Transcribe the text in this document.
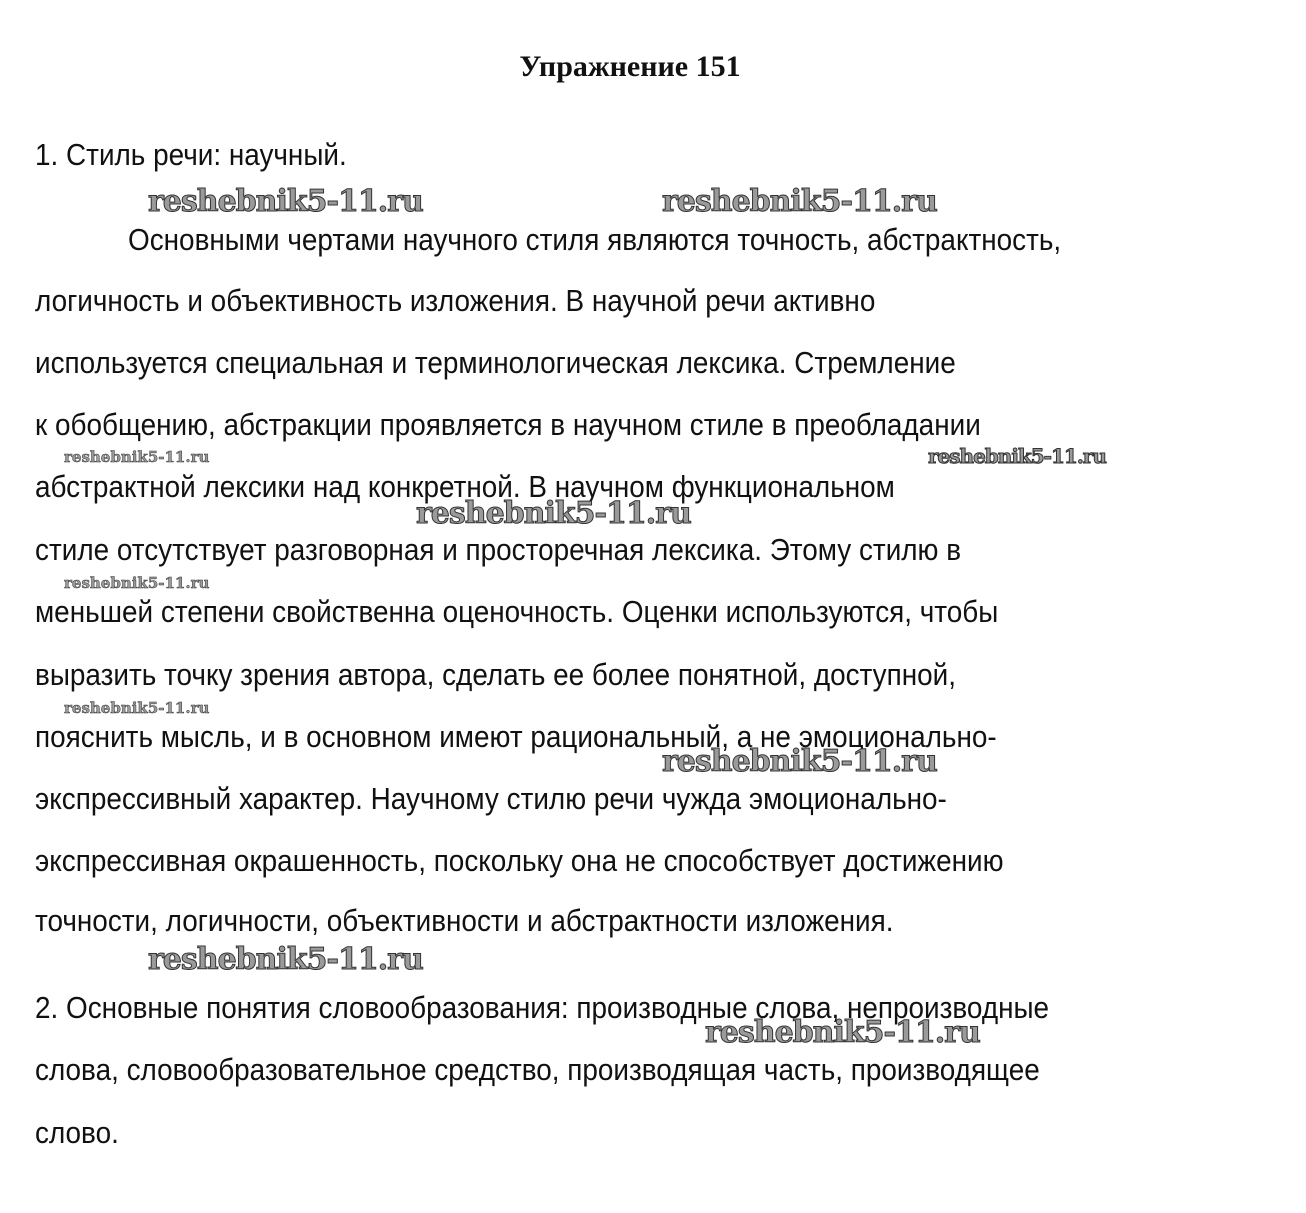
Упражнение 151
1. Стиль речи: научный.
Основными чертами научного стиля являются точность, абстрактность,
логичность и объективность изложения. В научной речи активно
используется специальная и терминологическая лексика. Стремление
к обобщению, абстракции проявляется в научном стиле в преобладании
абстрактной лексики над конкретной. В научном функциональном
стиле отсутствует разговорная и просторечная лексика. Этому стилю в
меньшей степени свойственна оценочность. Оценки используются, чтобы
выразить точку зрения автора, сделать ее более понятной, доступной,
пояснить мысль, и в основном имеют рациональный, а не эмоционально-
экспрессивный характер. Научному стилю речи чужда эмоционально-
экспрессивная окрашенность, поскольку она не способствует достижению
точности, логичности, объективности и абстрактности изложения.
2. Основные понятия словообразования: производные слова, непроизводные
слова, словообразовательное средство, производящая часть, производящее
слово.
reshebnik5-11.ru	reshebnik5-11.ru
reshebnik5-11.ru
reshebnik5-11.ru
reshebnik5-11.ru
reshebnik5-11.ru
reshebnik5-11.ru	reshebnik5-11.ru
reshebnik5-11.ru
reshebnik5-11.ru
